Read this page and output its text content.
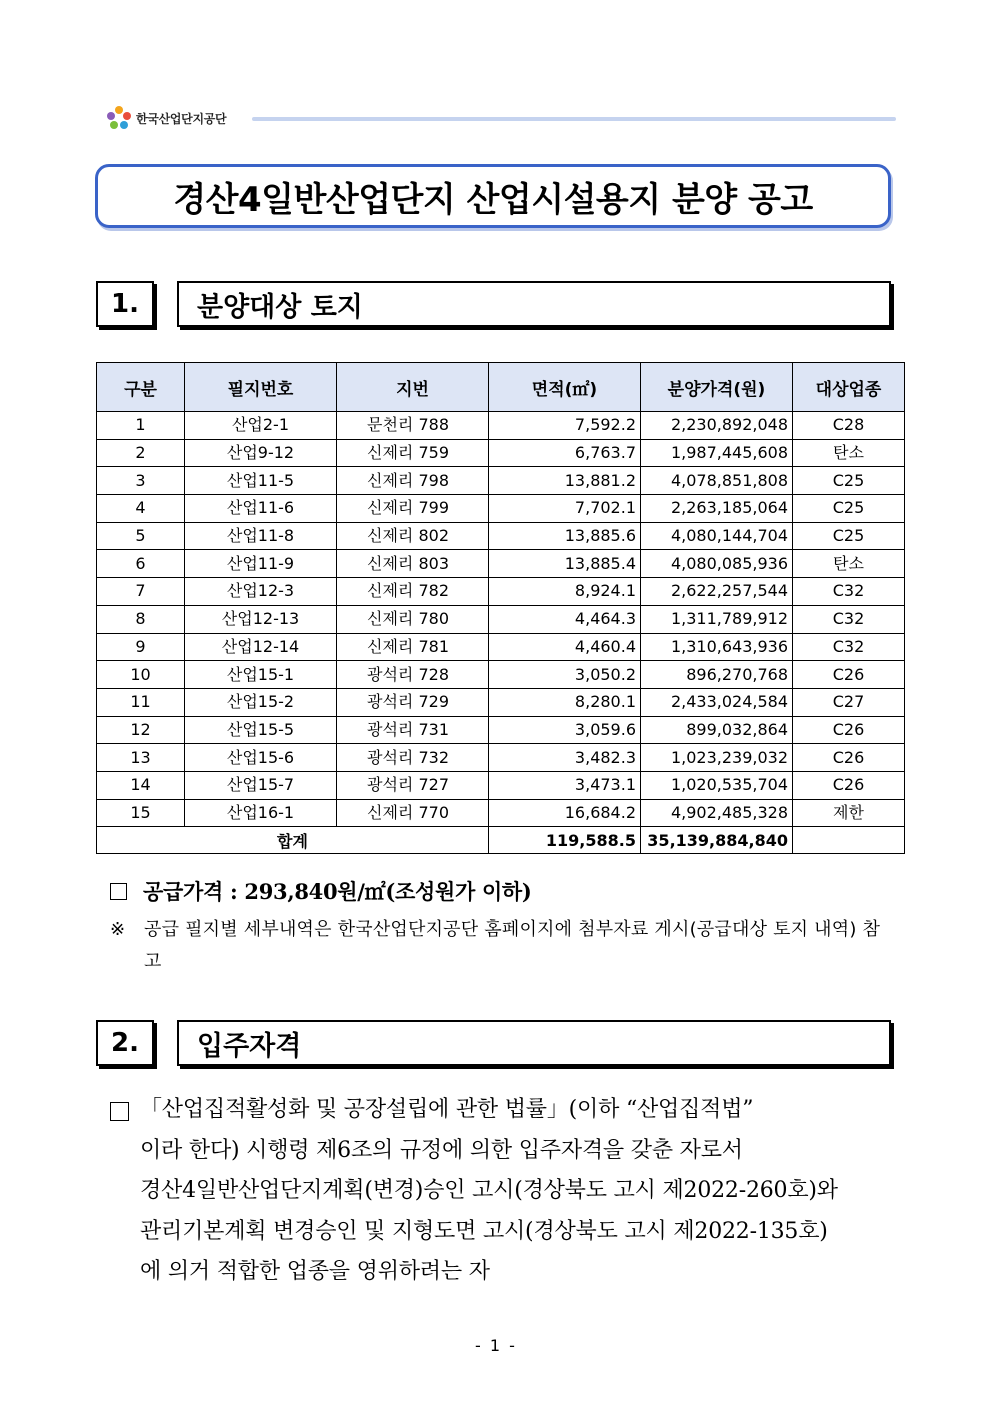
한국산업단지공단
경산4일반산업단지 산업시설용지 분양 공고
1.	분양대상 토지
구분	필지번호	지번	면적(㎡)	분양가격(원)	대상업종
1	산업2-1	문천리 788	7,592.2	2,230,892,048	C28
2	산업9-12	신제리 759	6,763.7	1,987,445,608	탄소
3	산업11-5	신제리 798	13,881.2	4,078,851,808	C25
4	산업11-6	신제리 799	7,702.1	2,263,185,064	C25
5	산업11-8	신제리 802	13,885.6	4,080,144,704	C25
6	산업11-9	신제리 803	13,885.4	4,080,085,936	탄소
7	산업12-3	신제리 782	8,924.1	2,622,257,544	C32
8	산업12-13	신제리 780	4,464.3	1,311,789,912	C32
9	산업12-14	신제리 781	4,460.4	1,310,643,936	C32
10	산업15-1	광석리 728	3,050.2	896,270,768	C26
11	산업15-2	광석리 729	8,280.1	2,433,024,584	C27
12	산업15-5	광석리 731	3,059.6	899,032,864	C26
13	산업15-6	광석리 732	3,482.3	1,023,239,032	C26
14	산업15-7	광석리 727	3,473.1	1,020,535,704	C26
15	산업16-1	신제리 770	16,684.2	4,902,485,328	제한
합계			119,588.5	35,139,884,840	
공급가격 : 293,840원/㎡(조성원가 이하)
※ 공급 필지별 세부내역은 한국산업단지공단 홈페이지에 첨부자료 게시(공급대상 토지 내역) 참고
2.	입주자격
「산업집적활성화 및 공장설립에 관한 법률」(이하 “산업집적법”
이라 한다) 시행령 제6조의 규정에 의한 입주자격을 갖춘 자로서
경산4일반산업단지계획(변경)승인 고시(경상북도 고시 제2022-260호)와
관리기본계획 변경승인 및 지형도면 고시(경상북도 고시 제2022-135호)
에 의거 적합한 업종을 영위하려는 자
- 1 -
